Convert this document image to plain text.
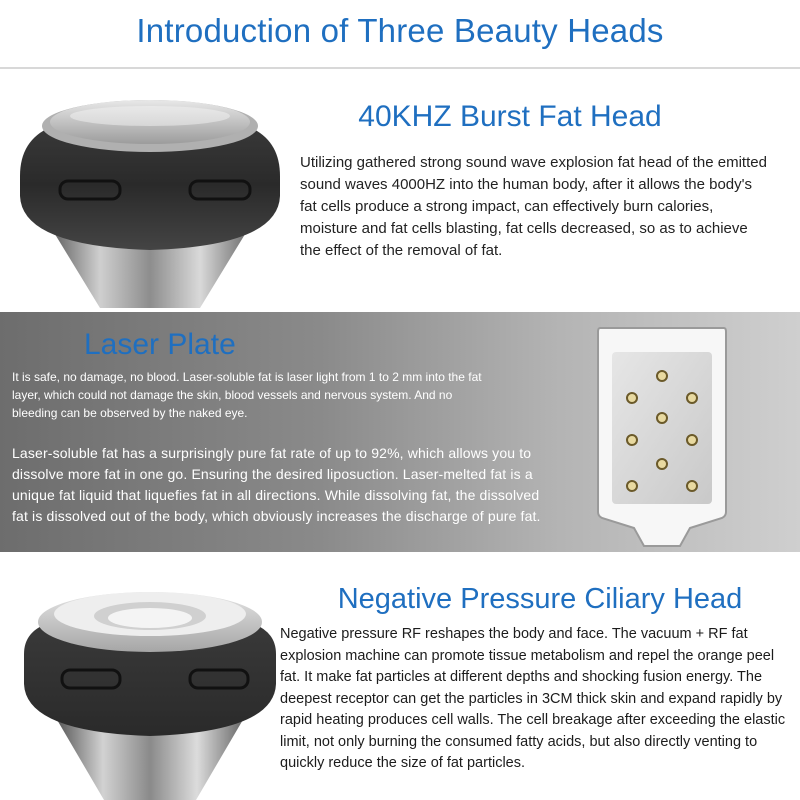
Introduction of Three Beauty Heads
40KHZ Burst Fat Head
Utilizing gathered strong sound wave explosion fat head of the emitted sound waves 4000HZ into the human body, after it allows the body's fat cells produce a strong impact, can effectively burn calories, moisture and fat cells blasting, fat cells decreased, so as to achieve the effect of the removal of fat.
Laser Plate
It is safe, no damage, no blood. Laser-soluble fat is laser light from 1 to 2 mm into the fat layer, which could not damage the skin, blood vessels and nervous system. And no bleeding can be observed by the naked eye.
Laser-soluble fat has a surprisingly pure fat rate of up to 92%, which allows you to dissolve more fat in one go. Ensuring the desired liposuction. Laser-melted fat is a unique fat liquid that liquefies fat in all directions. While dissolving fat, the dissolved fat is dissolved out of the body, which obviously increases the discharge of pure fat.
Negative Pressure Ciliary Head
Negative pressure RF reshapes the body and face. The vacuum + RF fat explosion machine can promote tissue metabolism and repel the orange peel fat. It make fat particles at different depths and shocking fusion energy. The deepest receptor can get the particles in 3CM thick skin and expand rapidly by rapid heating produces cell walls. The cell breakage after exceeding the elastic limit, not only burning the consumed fatty acids, but also directly venting to quickly reduce the size of fat particles.
